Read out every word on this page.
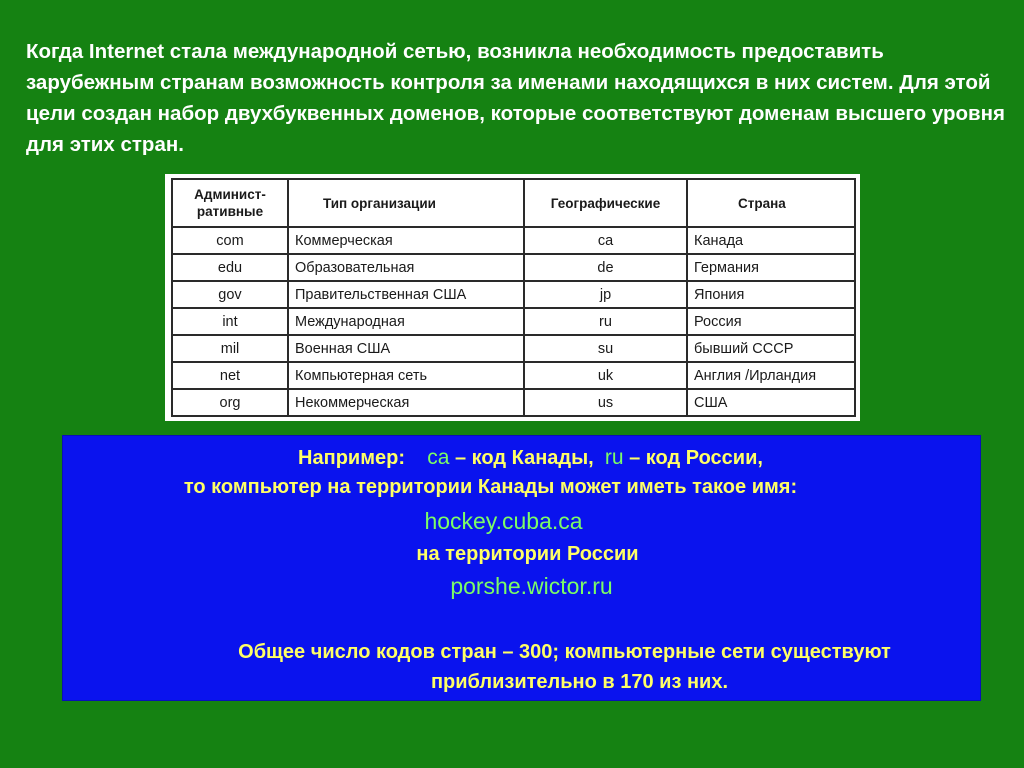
Когда Internet стала международной сетью, возникла необходимость предоставить зарубежным странам возможность контроля за именами находящихся в них систем. Для этой цели создан набор двухбуквенных доменов, которые соответствуют доменам высшего уровня для этих стран.

Админист-
ративные	Тип организации	Географические	Страна
com	Коммерческая	ca	Канада
edu	Образовательная	de	Германия
gov	Правительственная США	jp	Япония
int	Международная	ru	Россия
mil	Военная США	su	бывший СССР
net	Компьютерная сеть	uk	Англия /Ирландия
org	Некоммерческая	us	США
Например: ca – код Канады, ru – код России,
то компьютер на территории Канады может иметь такое имя:
hockey.cuba.ca
на территории России
porshe.wictor.ru
Общее число кодов стран – 300; компьютерные сети существуют
приблизительно в 170 из них.
